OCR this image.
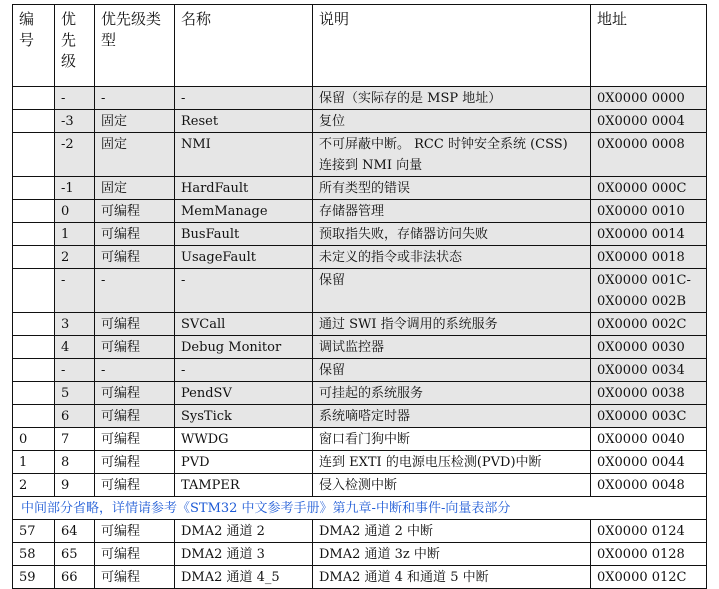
编号	优先级	优先级类型	名称	说明	地址
	-	-	-	保留（实际存的是 MSP 地址）	0X0000 0000
	-3	固定	Reset	复位	0X0000 0004
	-2	固定	NMI	不可屏蔽中断。 RCC 时钟安全系统 (CSS) 连接到 NMI 向量	0X0000 0008
	-1	固定	HardFault	所有类型的错误	0X0000 000C
	0	可编程	MemManage	存储器管理	0X0000 0010
	1	可编程	BusFault	预取指失败，存储器访问失败	0X0000 0014
	2	可编程	UsageFault	未定义的指令或非法状态	0X0000 0018
	-	-	-	保留	0X0000 001C- 0X0000 002B
	3	可编程	SVCall	通过 SWI 指令调用的系统服务	0X0000 002C
	4	可编程	Debug Monitor	调试监控器	0X0000 0030
	-	-	-	保留	0X0000 0034
	5	可编程	PendSV	可挂起的系统服务	0X0000 0038
	6	可编程	SysTick	系统嘀嗒定时器	0X0000 003C
0	7	可编程	WWDG	窗口看门狗中断	0X0000 0040
1	8	可编程	PVD	连到 EXTI 的电源电压检测(PVD)中断	0X0000 0044
2	9	可编程	TAMPER	侵入检测中断	0X0000 0048
中间部分省略，详情请参考《STM32 中文参考手册》第九章-中断和事件-向量表部分					
57	64	可编程	DMA2 通道 2	DMA2 通道 2 中断	0X0000 0124
58	65	可编程	DMA2 通道 3	DMA2 通道 3z 中断	0X0000 0128
59	66	可编程	DMA2 通道 4_5	DMA2 通道 4 和通道 5 中断	0X0000 012C
